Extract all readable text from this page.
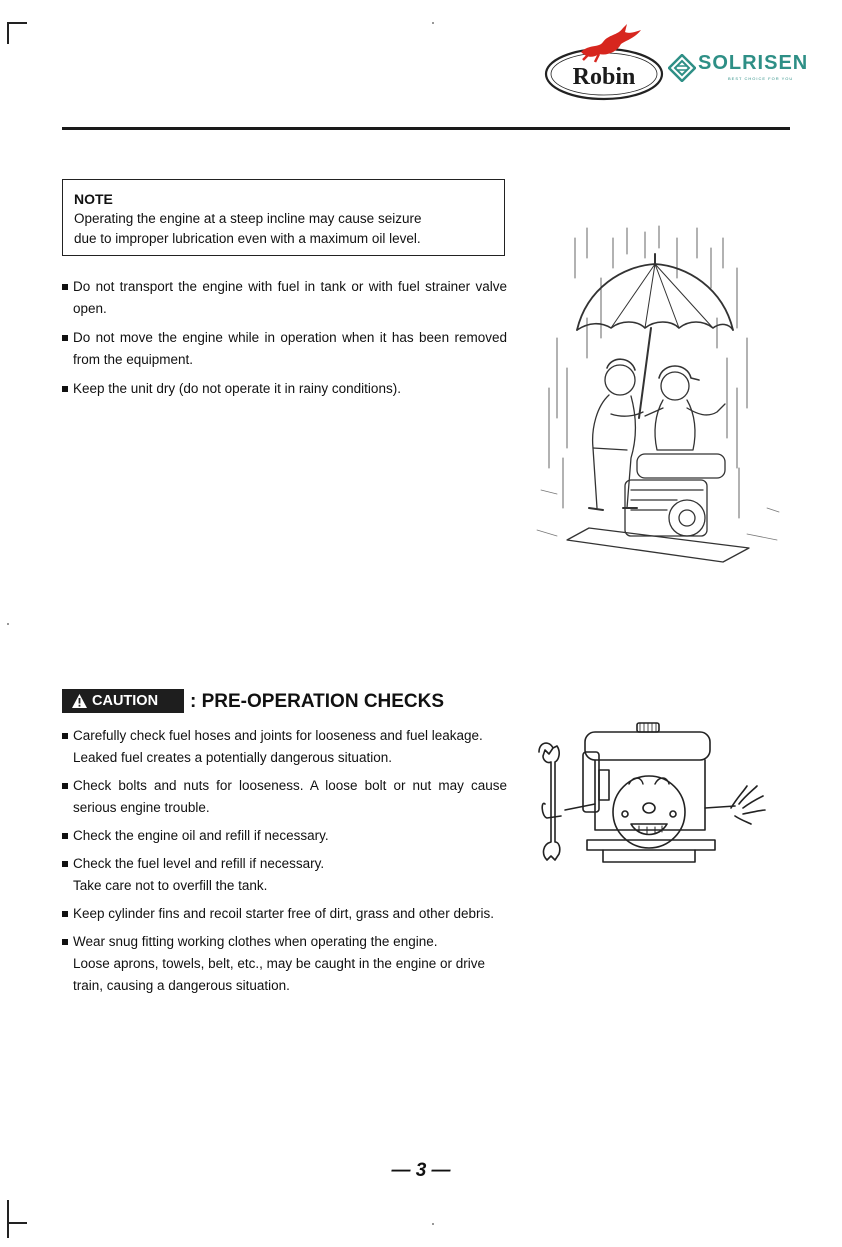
Robin
SOLRISEN
BEST CHOICE FOR YOU
NOTE
Operating the engine at a steep incline may cause seizure
due to improper lubrication even with a maximum oil level.
Do not transport the engine with fuel in tank or with fuel strainer valve open.
Do not move the engine while in operation when it has been removed from the equipment.
Keep the unit dry (do not operate it in rainy conditions).
CAUTION : PRE-OPERATION CHECKS
Carefully check fuel hoses and joints for looseness and fuel leakage.
Leaked fuel creates a potentially dangerous situation.
Check bolts and nuts for looseness. A loose bolt or nut may cause serious engine trouble.
Check the engine oil and refill if necessary.
Check the fuel level and refill if necessary.
Take care not to overfill the tank.
Keep cylinder fins and recoil starter free of dirt, grass and other debris.
Wear snug fitting working clothes when operating the engine.
Loose aprons, towels, belt, etc., may be caught in the engine or drive train, causing a dangerous situation.
— 3 —
